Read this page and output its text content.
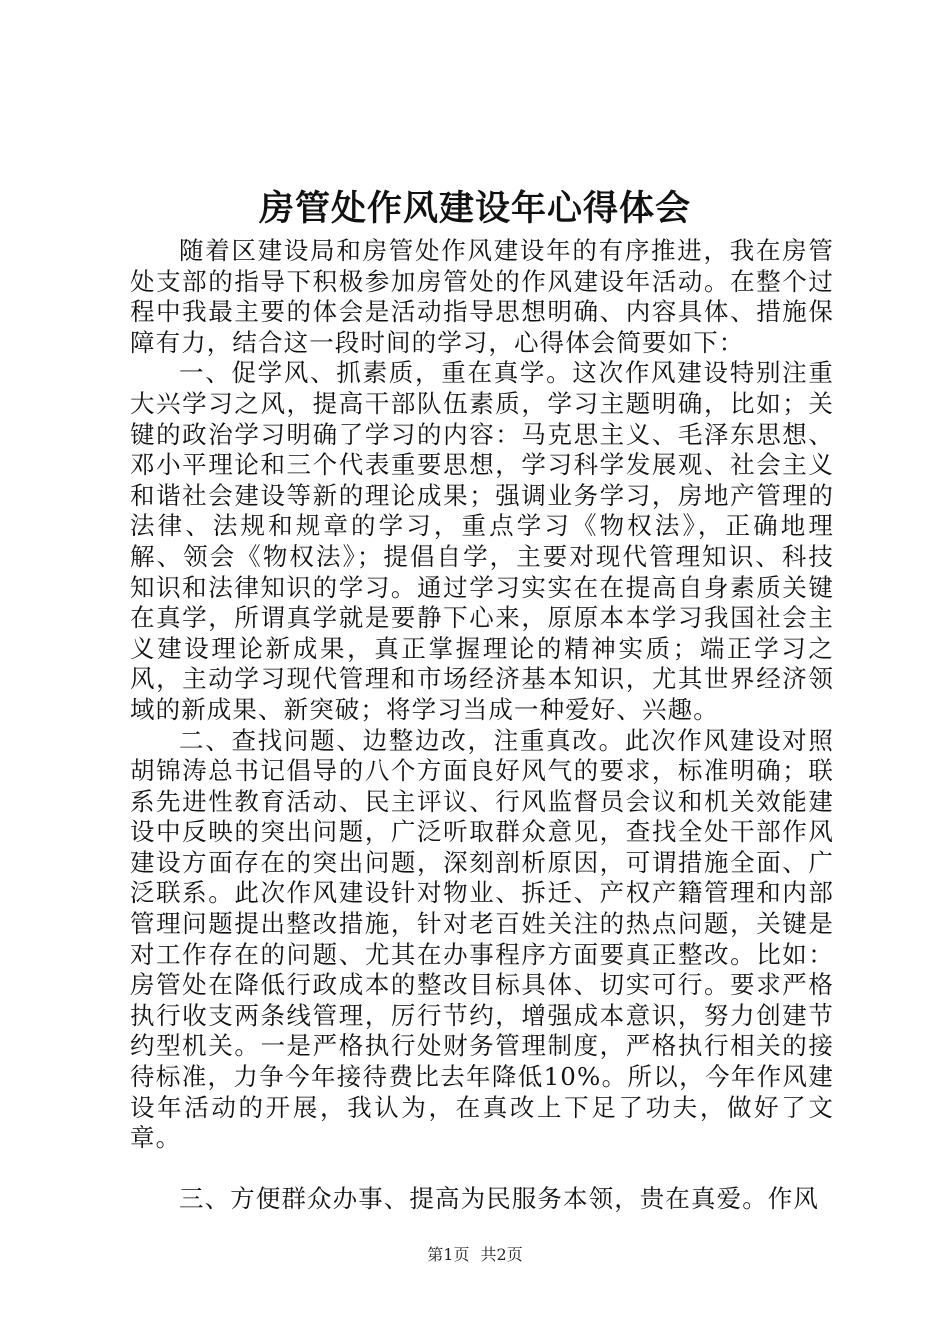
房管处作风建设年心得体会

随着区建设局和房管处作风建设年的有序推进，我在房管处支部的指导下积极参加房管处的作风建设年活动。在整个过程中我最主要的体会是活动指导思想明确、内容具体、措施保障有力，结合这一段时间的学习，心得体会简要如下：

一、促学风、抓素质，重在真学。这次作风建设特别注重大兴学习之风，提高干部队伍素质，学习主题明确，比如；关键的政治学习明确了学习的内容：马克思主义、毛泽东思想、邓小平理论和三个代表重要思想，学习科学发展观、社会主义和谐社会建设等新的理论成果；强调业务学习，房地产管理的法律、法规和规章的学习，重点学习《物权法》，正确地理解、领会《物权法》；提倡自学，主要对现代管理知识、科技知识和法律知识的学习。通过学习实实在在提高自身素质关键在真学，所谓真学就是要静下心来，原原本本学习我国社会主义建设理论新成果，真正掌握理论的精神实质；端正学习之风，主动学习现代管理和市场经济基本知识，尤其世界经济领域的新成果、新突破；将学习当成一种爱好、兴趣。

二、查找问题、边整边改，注重真改。此次作风建设对照胡锦涛总书记倡导的八个方面良好风气的要求，标准明确；联系先进性教育活动、民主评议、行风监督员会议和机关效能建设中反映的突出问题，广泛听取群众意见，查找全处干部作风建设方面存在的突出问题，深刻剖析原因，可谓措施全面、广泛联系。此次作风建设针对物业、拆迁、产权产籍管理和内部管理问题提出整改措施，针对老百姓关注的热点问题，关键是对工作存在的问题、尤其在办事程序方面要真正整改。比如：房管处在降低行政成本的整改目标具体、切实可行。要求严格执行收支两条线管理，厉行节约，增强成本意识，努力创建节约型机关。一是严格执行处财务管理制度，严格执行相关的接待标准，力争今年接待费比去年降低10%。所以，今年作风建设年活动的开展，我认为，在真改上下足了功夫，做好了文章。

三、方便群众办事、提高为民服务本领，贵在真爱。作风

第1页 共2页
